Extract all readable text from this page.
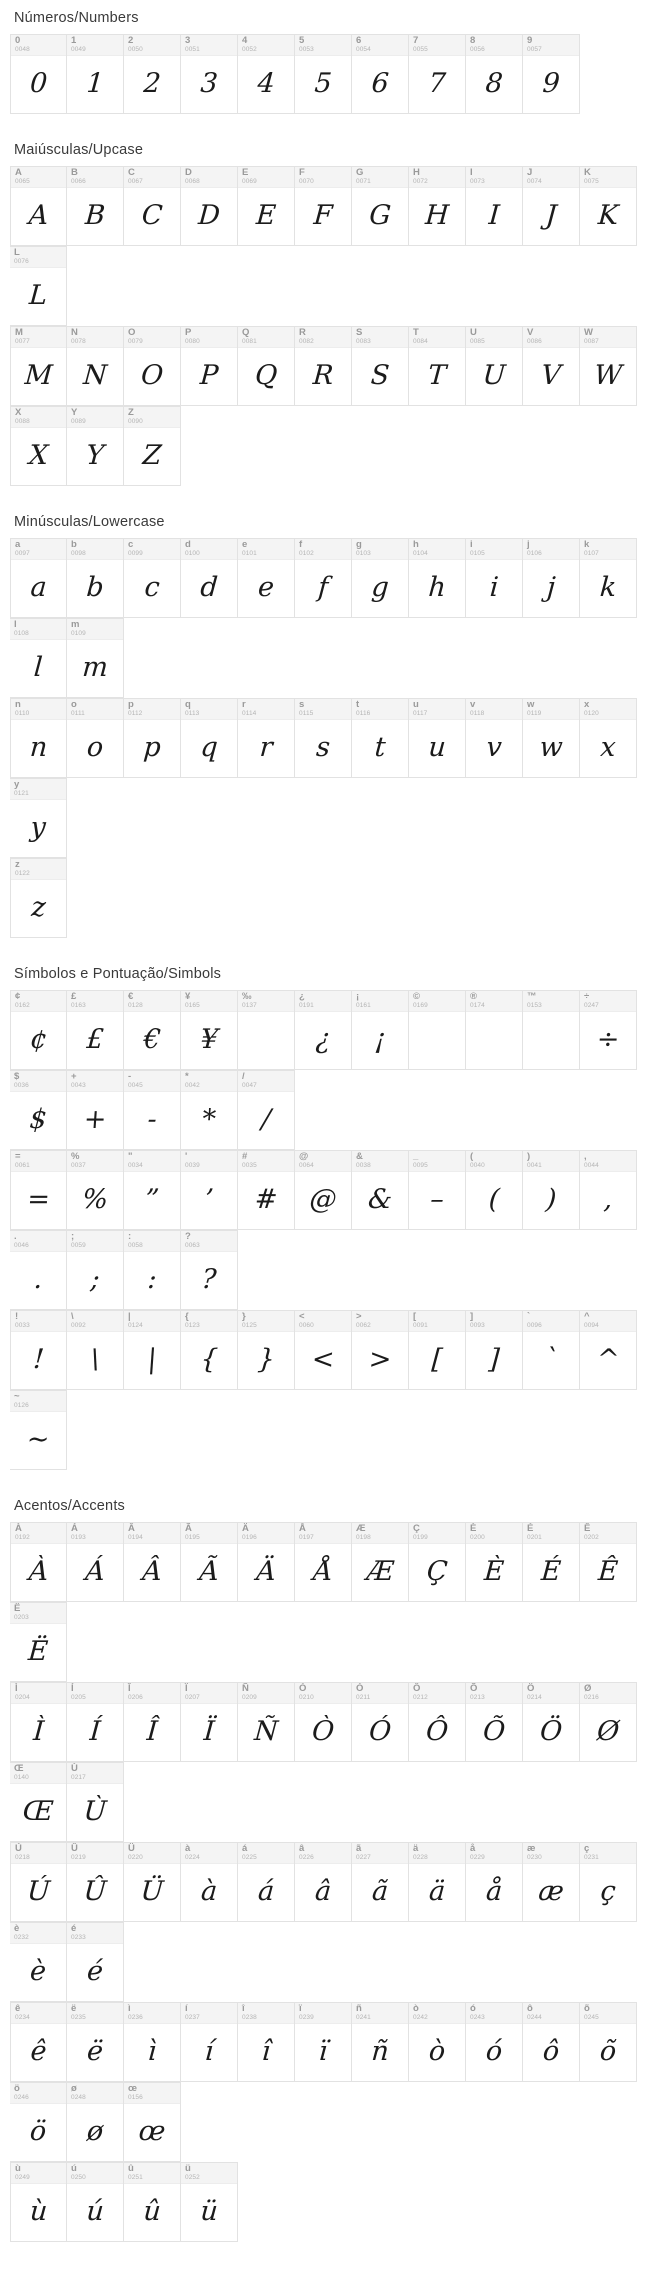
Números/Numbers
0
0048
0
1
0049
1
2
0050
2
3
0051
3
4
0052
4
5
0053
5
6
0054
6
7
0055
7
8
0056
8
9
0057
9
Maiúsculas/Upcase
A
0065
A
B
0066
B
C
0067
C
D
0068
D
E
0069
E
F
0070
F
G
0071
G
H
0072
H
I
0073
I
J
0074
J
K
0075
K
L
0076
L
M
0077
M
N
0078
N
O
0079
O
P
0080
P
Q
0081
Q
R
0082
R
S
0083
S
T
0084
T
U
0085
U
V
0086
V
W
0087
W
X
0088
X
Y
0089
Y
Z
0090
Z
Minúsculas/Lowercase
a
0097
a
b
0098
b
c
0099
c
d
0100
d
e
0101
e
f
0102
f
g
0103
g
h
0104
h
i
0105
i
j
0106
j
k
0107
k
l
0108
l
m
0109
m
n
0110
n
o
0111
o
p
0112
p
q
0113
q
r
0114
r
s
0115
s
t
0116
t
u
0117
u
v
0118
v
w
0119
w
x
0120
x
y
0121
y
z
0122
z
Símbolos e Pontuação/Simbols
¢
0162
¢
£
0163
£
€
0128
€
¥
0165
¥
‰
0137
¿
0191
¿
¡
0161
¡
©
0169
®
0174
™
0153
÷
0247
÷
$
0036
$
+
0043
+
-
0045
-
*
0042
*
/
0047
/
=
0061
=
%
0037
%
"
0034
”
'
0039
’
#
0035
#
@
0064
@
&
0038
&
_
0095
–
(
0040
(
)
0041
)
,
0044
,
.
0046
.
;
0059
;
:
0058
:
?
0063
?
!
0033
!
\
0092
\
|
0124
|
{
0123
{
}
0125
}
<
0060
<
>
0062
>
[
0091
[
]
0093
]
`
0096
`
^
0094
^
~
0126
~
Acentos/Accents
À
0192
À
Á
0193
Á
Â
0194
Â
Ã
0195
Ã
Ä
0196
Ä
Å
0197
Å
Æ
0198
Æ
Ç
0199
Ç
È
0200
È
É
0201
É
Ê
0202
Ê
Ë
0203
Ë
Ì
0204
Ì
Í
0205
Í
Î
0206
Î
Ï
0207
Ï
Ñ
0209
Ñ
Ò
0210
Ò
Ó
0211
Ó
Ô
0212
Ô
Õ
0213
Õ
Ö
0214
Ö
Ø
0216
Ø
Œ
0140
Œ
Ù
0217
Ù
Ú
0218
Ú
Û
0219
Û
Ü
0220
Ü
à
0224
à
á
0225
á
â
0226
â
ã
0227
ã
ä
0228
ä
å
0229
å
æ
0230
æ
ç
0231
ç
è
0232
è
é
0233
é
ê
0234
ê
ë
0235
ë
ì
0236
ì
í
0237
í
î
0238
î
ï
0239
ï
ñ
0241
ñ
ò
0242
ò
ó
0243
ó
ô
0244
ô
õ
0245
õ
ö
0246
ö
ø
0248
ø
œ
0156
œ
ù
0249
ù
ú
0250
ú
û
0251
û
ü
0252
ü
